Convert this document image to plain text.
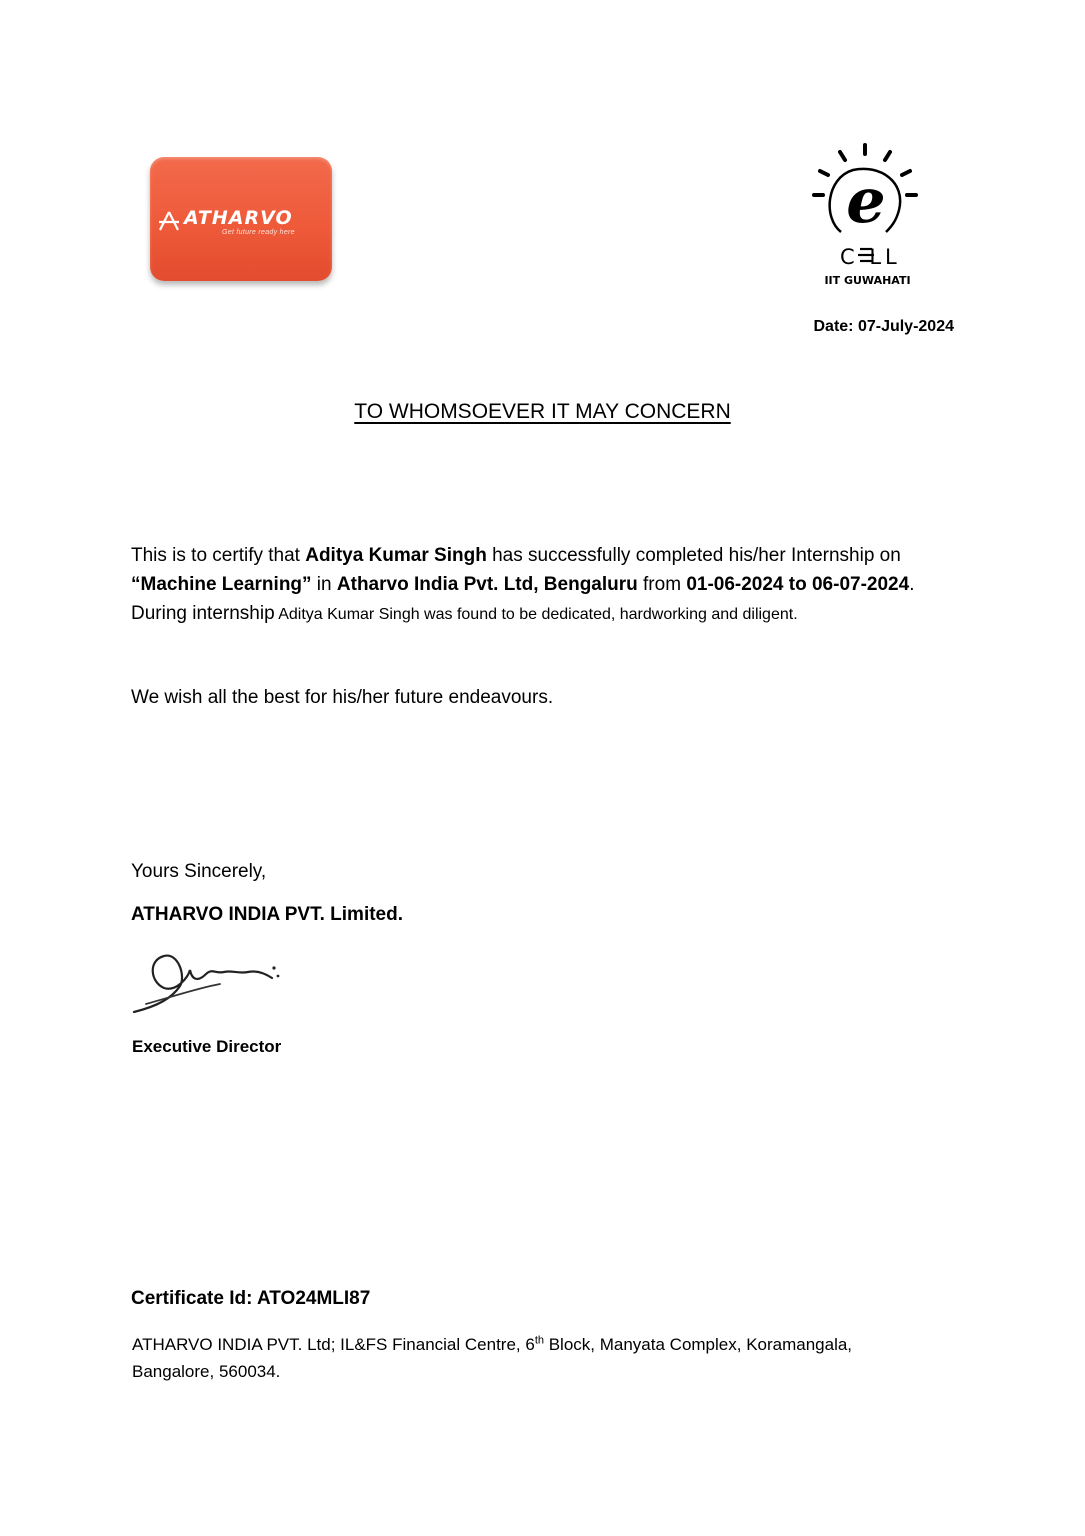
ATHARVO
Get future ready here	e
C LL
IIT GUWAHATI
Date: 07-July-2024
TO WHOMSOEVER IT MAY CONCERN
This is to certify that Aditya Kumar Singh has successfully completed his/her Internship on “Machine Learning” in Atharvo India Pvt. Ltd, Bengaluru from 01-06-2024 to 06-07-2024.
During internship Aditya Kumar Singh was found to be dedicated, hardworking and diligent.
We wish all the best for his/her future endeavours.
Yours Sincerely,
ATHARVO INDIA PVT. Limited.
Executive Director
Certificate Id: ATO24MLI87
ATHARVO INDIA PVT. Ltd; IL&FS Financial Centre, 6th Block, Manyata Complex, Koramangala, Bangalore, 560034.
